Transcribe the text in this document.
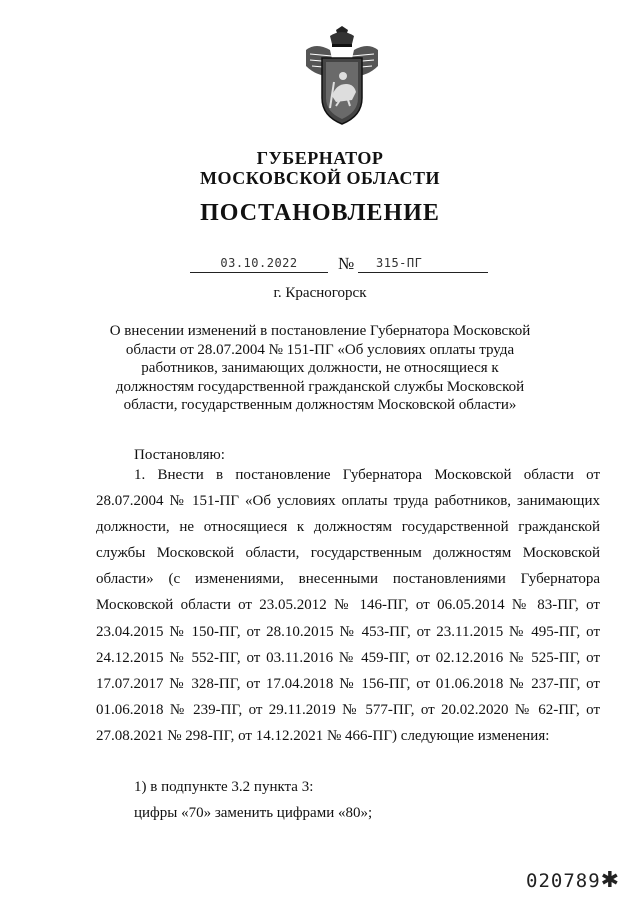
ГУБЕРНАТОР
МОСКОВСКОЙ ОБЛАСТИ
ПОСТАНОВЛЕНИЕ
03.10.2022	№ 315-ПГ
г. Красногорск
О внесении изменений в постановление Губернатора Московской области от 28.07.2004 № 151-ПГ «Об условиях оплаты труда работников, занимающих должности, не относящиеся к должностям государственной гражданской службы Московской области, государственным должностям Московской области»
Постановляю:
1. Внести в постановление Губернатора Московской области от 28.07.2004 № 151-ПГ «Об условиях оплаты труда работников, занимающих должности, не относящиеся к должностям государственной гражданской службы Московской области, государственным должностям Московской области» (с изменениями, внесенными постановлениями Губернатора Московской области от 23.05.2012 № 146-ПГ, от 06.05.2014 № 83-ПГ, от 23.04.2015 № 150-ПГ, от 28.10.2015 № 453-ПГ, от 23.11.2015 № 495-ПГ, от 24.12.2015 № 552-ПГ, от 03.11.2016 № 459-ПГ, от 02.12.2016 № 525-ПГ, от 17.07.2017 № 328-ПГ, от 17.04.2018 № 156-ПГ, от 01.06.2018 № 237-ПГ, от 01.06.2018 № 239-ПГ, от 29.11.2019 № 577-ПГ, от 20.02.2020 № 62-ПГ, от 27.08.2021 № 298-ПГ, от 14.12.2021 № 466-ПГ) следующие изменения:
1) в подпункте 3.2 пункта 3:
цифры «70» заменить цифрами «80»;
020789✱
